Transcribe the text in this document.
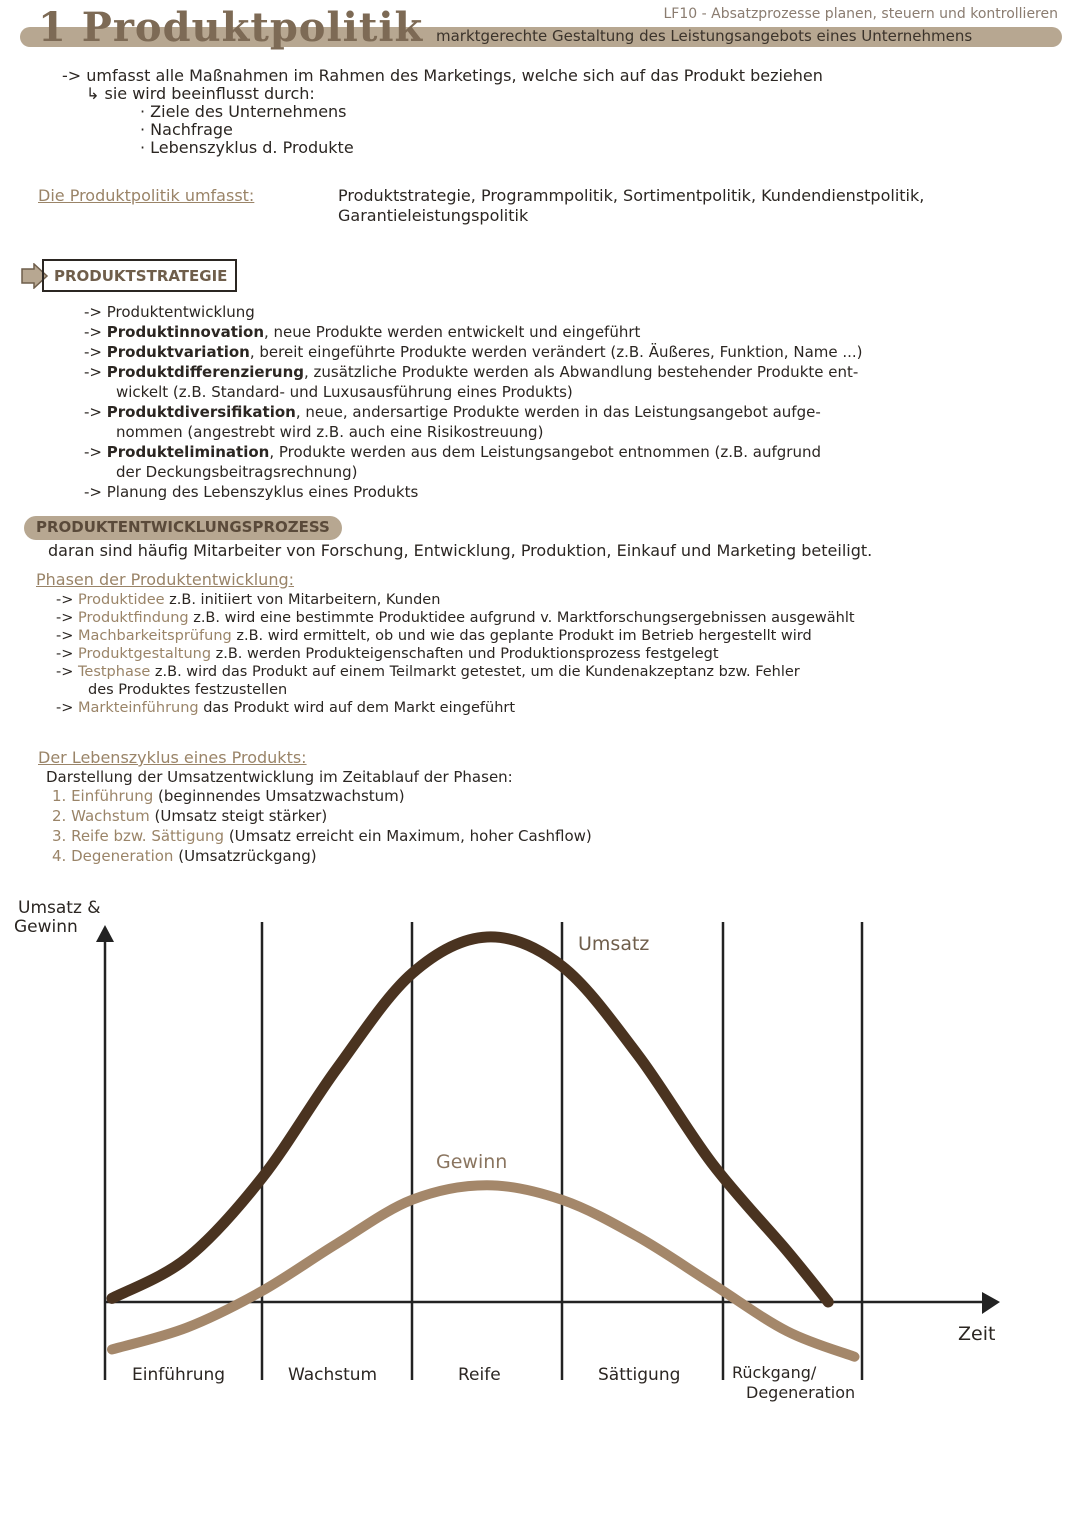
1 Produktpolitik	LF10 - Absatzprozesse planen, steuern und kontrollieren
marktgerechte Gestaltung des Leistungsangebots eines Unternehmens
-> umfasst alle Maßnahmen im Rahmen des Marketings, welche sich auf das Produkt beziehen
↳ sie wird beeinflusst durch:
· Ziele des Unternehmens
· Nachfrage
· Lebenszyklus d. Produkte
Die Produktpolitik umfasst:	Produktstrategie, Programmpolitik, Sortimentpolitik, Kundendienstpolitik,
Garantieleistungspolitik
PRODUKTSTRATEGIE
PRODUKTENTWICKLUNGSPROZESS
daran sind häufig Mitarbeiter von Forschung, Entwicklung, Produktion, Einkauf und Marketing beteiligt.
Phasen der Produktentwicklung:
Der Lebenszyklus eines Produkts:
Darstellung der Umsatzentwicklung im Zeitablauf der Phasen:
Umsatz
Gewinn
Umsatz &
Gewinn
Zeit
Einführung	Wachstum	Reife	Sättigung	Rückgang/
Degeneration
-> Produktentwicklung
-> Produktinnovation, neue Produkte werden entwickelt und eingeführt
-> Produktvariation, bereit eingeführte Produkte werden verändert (z.B. Äußeres, Funktion, Name ...)
-> Produktdifferenzierung, zusätzliche Produkte werden als Abwandlung bestehender Produkte ent-
wickelt (z.B. Standard- und Luxusausführung eines Produkts)
-> Produktdiversifikation, neue, andersartige Produkte werden in das Leistungsangebot aufge-
nommen (angestrebt wird z.B. auch eine Risikostreuung)
-> Produktelimination, Produkte werden aus dem Leistungsangebot entnommen (z.B. aufgrund
der Deckungsbeitragsrechnung)
-> Planung des Lebenszyklus eines Produkts
-> Produktidee z.B. initiiert von Mitarbeitern, Kunden
-> Produktfindung z.B. wird eine bestimmte Produktidee aufgrund v. Marktforschungsergebnissen ausgewählt
-> Machbarkeitsprüfung z.B. wird ermittelt, ob und wie das geplante Produkt im Betrieb hergestellt wird
-> Produktgestaltung z.B. werden Produkteigenschaften und Produktionsprozess festgelegt
-> Testphase z.B. wird das Produkt auf einem Teilmarkt getestet, um die Kundenakzeptanz bzw. Fehler
des Produktes festzustellen
-> Markteinführung das Produkt wird auf dem Markt eingeführt
1. Einführung (beginnendes Umsatzwachstum)
2. Wachstum (Umsatz steigt stärker)
3. Reife bzw. Sättigung (Umsatz erreicht ein Maximum, hoher Cashflow)
4. Degeneration (Umsatzrückgang)
